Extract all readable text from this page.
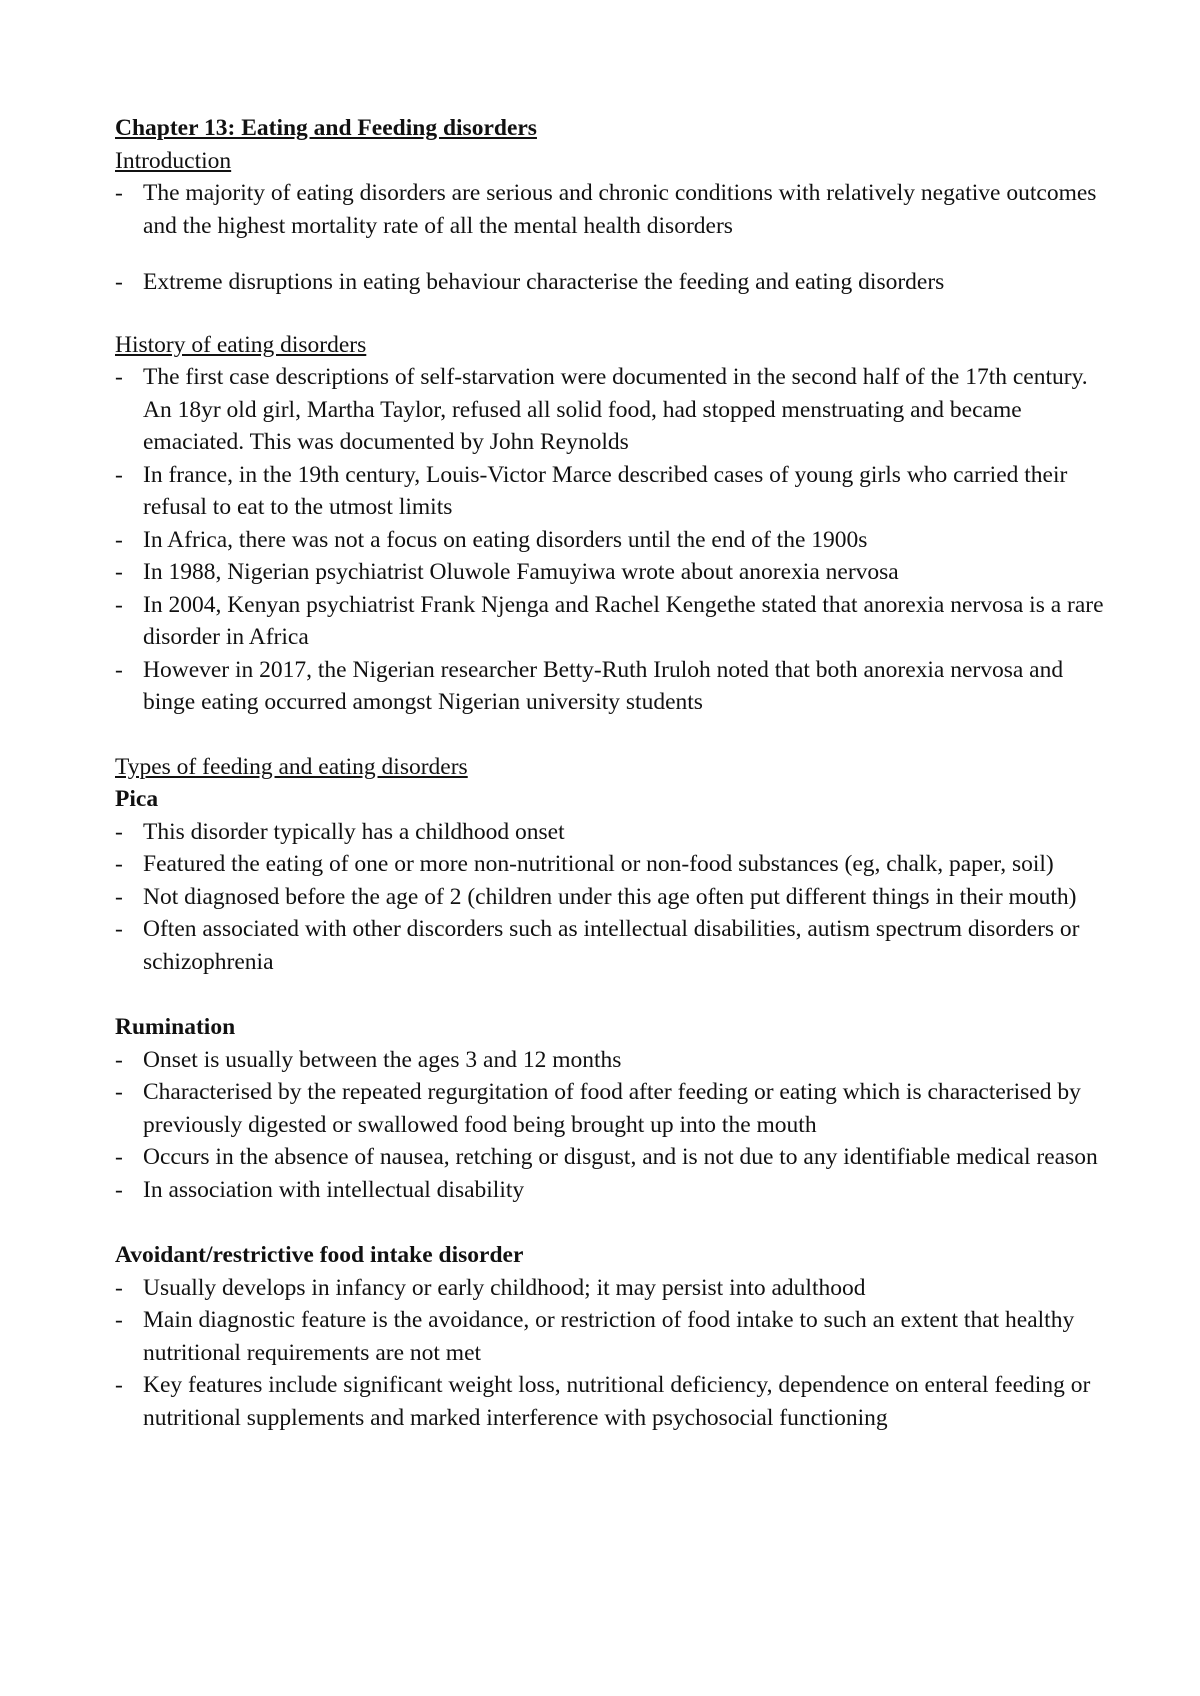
Chapter 13: Eating and Feeding disorders

Introduction

- The majority of eating disorders are serious and chronic conditions with relatively negative outcomes and the highest mortality rate of all the mental health disorders
- Extreme disruptions in eating behaviour characterise the feeding and eating disorders

History of eating disorders

- The first case descriptions of self-starvation were documented in the second half of the 17th century. An 18yr old girl, Martha Taylor, refused all solid food, had stopped menstruating and became emaciated. This was documented by John Reynolds
- In france, in the 19th century, Louis-Victor Marce described cases of young girls who carried their refusal to eat to the utmost limits
- In Africa, there was not a focus on eating disorders until the end of the 1900s
- In 1988, Nigerian psychiatrist Oluwole Famuyiwa wrote about anorexia nervosa
- In 2004, Kenyan psychiatrist Frank Njenga and Rachel Kengethe stated that anorexia nervosa is a rare disorder in Africa
- However in 2017, the Nigerian researcher Betty-Ruth Iruloh noted that both anorexia nervosa and binge eating occurred amongst Nigerian university students

Types of feeding and eating disorders

Pica

- This disorder typically has a childhood onset
- Featured the eating of one or more non-nutritional or non-food substances (eg, chalk, paper, soil)
- Not diagnosed before the age of 2 (children under this age often put different things in their mouth)
- Often associated with other discorders such as intellectual disabilities, autism spectrum disorders or schizophrenia

Rumination

- Onset is usually between the ages 3 and 12 months
- Characterised by the repeated regurgitation of food after feeding or eating which is characterised by previously digested or swallowed food being brought up into the mouth
- Occurs in the absence of nausea, retching or disgust, and is not due to any identifiable medical reason
- In association with intellectual disability

Avoidant/restrictive food intake disorder

- Usually develops in infancy or early childhood; it may persist into adulthood
- Main diagnostic feature is the avoidance, or restriction of food intake to such an extent that healthy nutritional requirements are not met
- Key features include significant weight loss, nutritional deficiency, dependence on enteral feeding or nutritional supplements and marked interference with psychosocial functioning
